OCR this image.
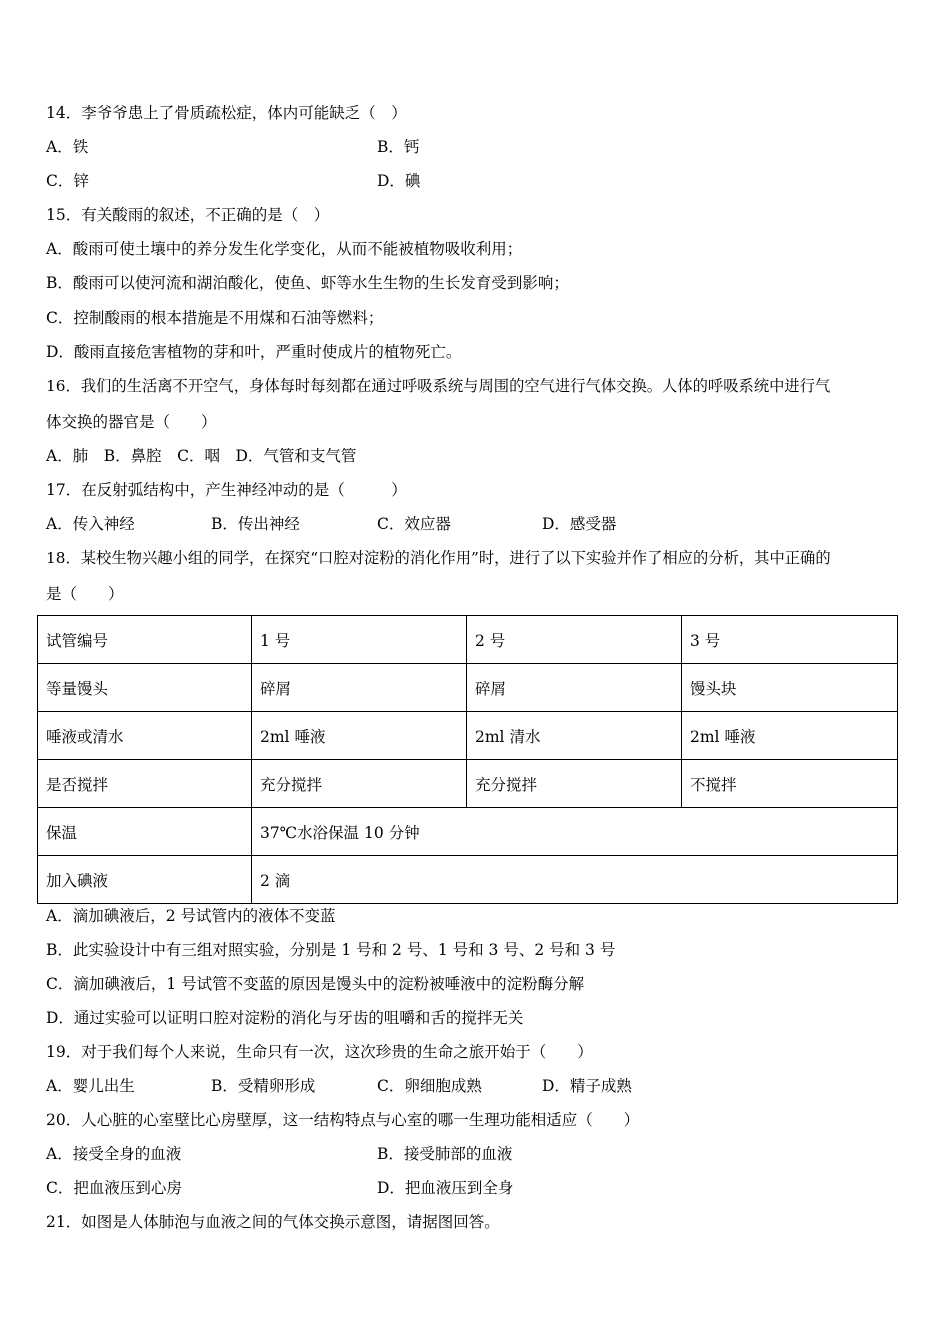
14．李爷爷患上了骨质疏松症，体内可能缺乏（　）
A．铁	B．钙
C．锌	D．碘
15．有关酸雨的叙述，不正确的是（　）
A．酸雨可使土壤中的养分发生化学变化，从而不能被植物吸收利用；
B．酸雨可以使河流和湖泊酸化，使鱼、虾等水生生物的生长发育受到影响；
C．控制酸雨的根本措施是不用煤和石油等燃料；
D．酸雨直接危害植物的芽和叶，严重时使成片的植物死亡。
16．我们的生活离不开空气，身体每时每刻都在通过呼吸系统与周围的空气进行气体交换。人体的呼吸系统中进行气
体交换的器官是（　　）
A．肺　B．鼻腔　C．咽　D．气管和支气管
17．在反射弧结构中，产生神经冲动的是（　　　）
A．传入神经	B．传出神经	C．效应器	D．感受器
18．某校生物兴趣小组的同学，在探究“口腔对淀粉的消化作用”时，进行了以下实验并作了相应的分析，其中正确的
是（　　）
试管编号	1 号	2 号	3 号
等量馒头	碎屑	碎屑	馒头块
唾液或清水	2ml 唾液	2ml 清水	2ml 唾液
是否搅拌	充分搅拌	充分搅拌	不搅拌
保温	37℃水浴保温 10 分钟		
加入碘液	2 滴		
A．滴加碘液后，2 号试管内的液体不变蓝
B．此实验设计中有三组对照实验，分别是 1 号和 2 号、1 号和 3 号、2 号和 3 号
C．滴加碘液后，1 号试管不变蓝的原因是馒头中的淀粉被唾液中的淀粉酶分解
D．通过实验可以证明口腔对淀粉的消化与牙齿的咀嚼和舌的搅拌无关
19．对于我们每个人来说，生命只有一次，这次珍贵的生命之旅开始于（　　）
A．婴儿出生	B．受精卵形成	C．卵细胞成熟	D．精子成熟
20．人心脏的心室壁比心房壁厚，这一结构特点与心室的哪一生理功能相适应（　　）
A．接受全身的血液	B．接受肺部的血液
C．把血液压到心房	D．把血液压到全身
21．如图是人体肺泡与血液之间的气体交换示意图，请据图回答。
